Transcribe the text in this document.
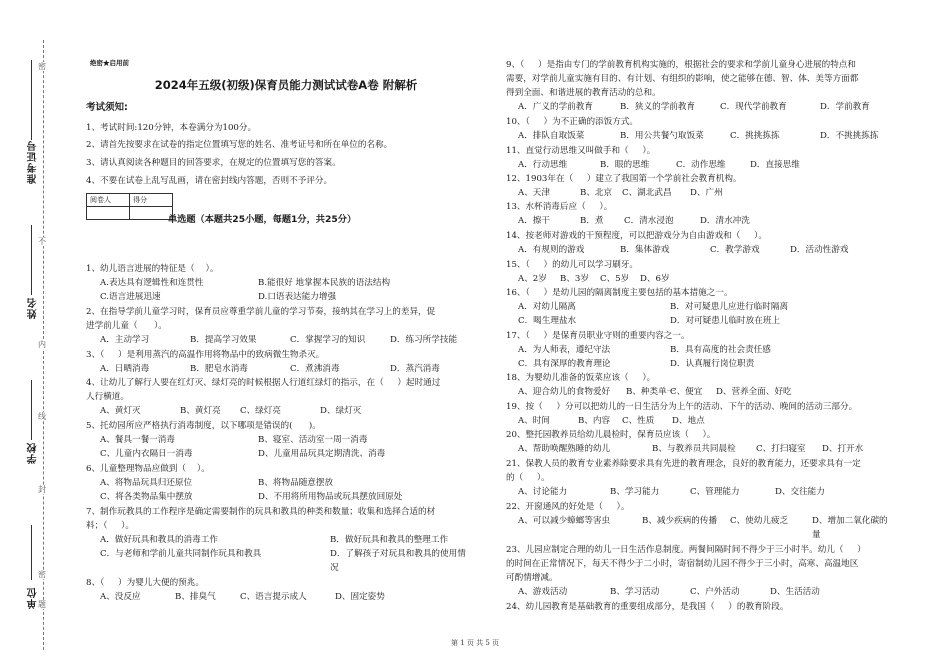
密
不
内
线
封
密
题
准考证号
姓名
学校
单位
绝密★启用前
2024年五级(初级)保育员能力测试试卷A卷 附解析
考试须知:
1、考试时间:120分钟，本卷满分为100分。
2、请首先按要求在试卷的指定位置填写您的姓名、准考证号和所在单位的名称。
3、请认真阅读各种题目的回答要求，在规定的位置填写您的答案。
4、不要在试卷上乱写乱画，请在密封线内答题，否则不予评分。
阅卷人	得分

单选题（本题共25小题，每题1分，共25分）
1、幼儿语言进展的特征是（    ）。
A.表达具有逻辑性和连贯性	B.能很好 地掌握本民族的语法结构
C.语言进展迅速	D.口语表达能力增强
2、在指导学前儿童学习时，保育员应尊重学前儿童的学习节奏，接纳其在学习上的差异，促
进学前儿童（      ）。
A．主动学习	B．提高学习效果	C．掌握学习的知识	D．练习所学技能
3、（     ）是利用蒸汽的高温作用将物品中的致病微生物杀灭。
A．日晒消毒	B．肥皂水消毒	C．煮沸消毒	D．蒸汽消毒
4、让幼儿了解行人要在红灯灭、绿灯亮的时候根据人行道红绿灯的指示，在（     ）起时通过
人行横道。
A、黄灯灭	B、黄灯亮 C、绿灯亮	D、绿灯灭
5、托幼园所应严格执行消毒制度，以下哪项是错误的(      )。
A、餐具一餐一消毒	B、寝室、活动室一周一消毒
C、儿童内衣隔日一消毒	D、儿童用品玩具定期清洗、消毒
6、儿童整理物品应做到（    ）。
A、将物品玩具归还原位	B、将物品随意摆放
C、将各类物品集中摆放	D、不用将所用物品或玩具摆放回原处
7、制作玩教具的工作程序是确定需要制作的玩具和教具的种类和数量；收集和选择合适的材
料；（     ）。
A．做好玩具和教具的消毒工作	B．做好玩具和教具的整理工作
C．与老师和学前儿童共同制作玩具和教具	D．了解孩子对玩具和教具的使用情
况
8、（     ）为婴儿大便的预兆。
A、没反应	B、排臭气	C、语言提示成人	D、固定姿势
9、（     ）是指由专门的学前教育机构实施的，根据社会的要求和学前儿童身心进展的特点和
需要，对学前儿童实施有目的、有计划、有组织的影响，使之能够在德、智、体、美等方面都
得到全面、和谐进展的教育活动的总和。
A．广义的学前教育	B．狭义的学前教育	C．现代学前教育	D．学前教育
10、（     ）为不正确的添饭方式。
A．排队自取饭菜	B．用公共餐勺取饭菜	C．挑挑拣拣	D．不挑挑拣拣
11、直觉行动思维又叫做手和（     ）。
A．行动思维	B．眼的思维	C．动作思维	D．直接思维
12、1903年在（     ）建立了我国第一个学前社会教育机构。
A、天津	B、北京 C、湖北武昌 D、广州
13、水杯消毒后应（     ）。
A．擦干	B．煮 C．清水浸泡	D．清水冲洗
14、按老师对游戏的干预程度，可以把游戏分为自由游戏和（     ）。
A．有规则的游戏	B．集体游戏	C．教学游戏	D．活动性游戏
15、（     ）的幼儿可以学习刷牙。
A、2岁 B、3岁 C、5岁 D、6岁
16、（     ）是幼儿园的隔离制度主要包括的基本措施之一。
A．对幼儿隔离	B．对可疑患儿应进行临时隔离
C．喝生理盐水	D．对可疑患儿临时放在班上
17、（     ）是保育员职业守则的重要内容之一。
A．为人师表，遵纪守法	B．具有高度的社会责任感
C．具有深厚的教育理论	D．认真履行岗位职责
18、为婴幼儿准备的饭菜应该（     ）。
A、迎合幼儿的食物爱好 B、种类单一
C、便宜 D、营养全面、好吃
19、按（     ）分可以把幼儿的一日生活分为上午的活动、下午的活动、晚间的活动三部分。
A、时间	B、内容 C、性质 D、地点
20、整托园教养员给幼儿晨检时，保育员应该（     ）。
A、帮助唤醒熟睡的幼儿	B、与教养员共同晨检 C、打扫寝室 D、打开水
21、保教人员的教育专业素养除要求具有先进的教育理念，良好的教育能力，还要求具有一定
的（     ）。
A、讨论能力	B、学习能力	C、管理能力	D、交往能力
22、开窗通风的好处是（     ）。
A、可以减少蟑螂等害虫	B、减少疾病的传播 C、使幼儿疲乏	D、增加二氧化碳的
量
23、儿园应制定合理的幼儿一日生活作息制度。两餐间隔时间不得少于三小时半。幼儿（     ）
的时间在正常情况下，每天不得少于二小时，寄宿制幼儿园不得少于三小时，高寒、高温地区
可酌情增减。
A、游戏活动	B、学习活动	C、户外活动	D、生活活动
24、幼儿园教育是基础教育的重要组成部分，是我国（     ）的教育阶段。
第 1 页 共 5 页
